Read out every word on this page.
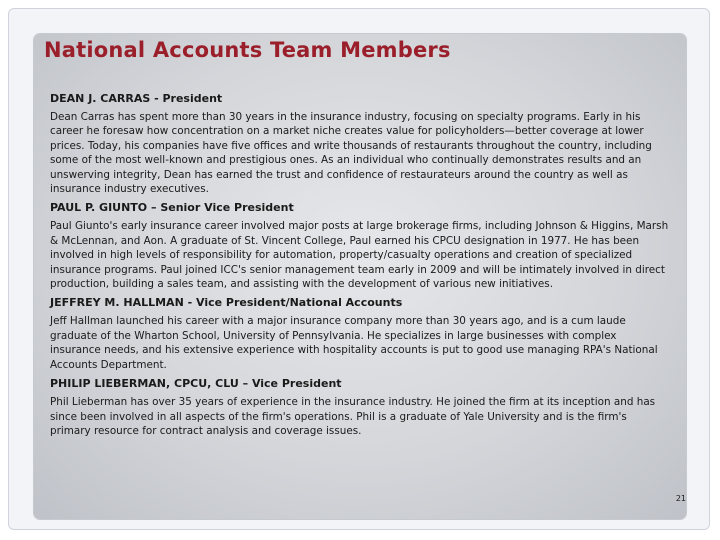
National Accounts Team Members

DEAN J. CARRAS - President

Dean Carras has spent more than 30 years in the insurance industry, focusing on specialty programs. Early in his career he foresaw how concentration on a market niche creates value for policyholders—better coverage at lower prices. Today, his companies have five offices and write thousands of restaurants throughout the country, including some of the most well-known and prestigious ones. As an individual who continually demonstrates results and an unswerving integrity, Dean has earned the trust and confidence of restaurateurs around the country as well as insurance industry executives.

PAUL P. GIUNTO – Senior Vice President

Paul Giunto's early insurance career involved major posts at large brokerage firms, including Johnson & Higgins, Marsh & McLennan, and Aon. A graduate of St. Vincent College, Paul earned his CPCU designation in 1977. He has been involved in high levels of responsibility for automation, property/casualty operations and creation of specialized insurance programs. Paul joined ICC's senior management team early in 2009 and will be intimately involved in direct production, building a sales team, and assisting with the development of various new initiatives.

JEFFREY M. HALLMAN - Vice President/National Accounts

Jeff Hallman launched his career with a major insurance company more than 30 years ago, and is a cum laude graduate of the Wharton School, University of Pennsylvania. He specializes in large businesses with complex insurance needs, and his extensive experience with hospitality accounts is put to good use managing RPA's National Accounts Department.

PHILIP LIEBERMAN, CPCU, CLU – Vice President

Phil Lieberman has over 35 years of experience in the insurance industry. He joined the firm at its inception and has since been involved in all aspects of the firm's operations. Phil is a graduate of Yale University and is the firm's primary resource for contract analysis and coverage issues.

21
